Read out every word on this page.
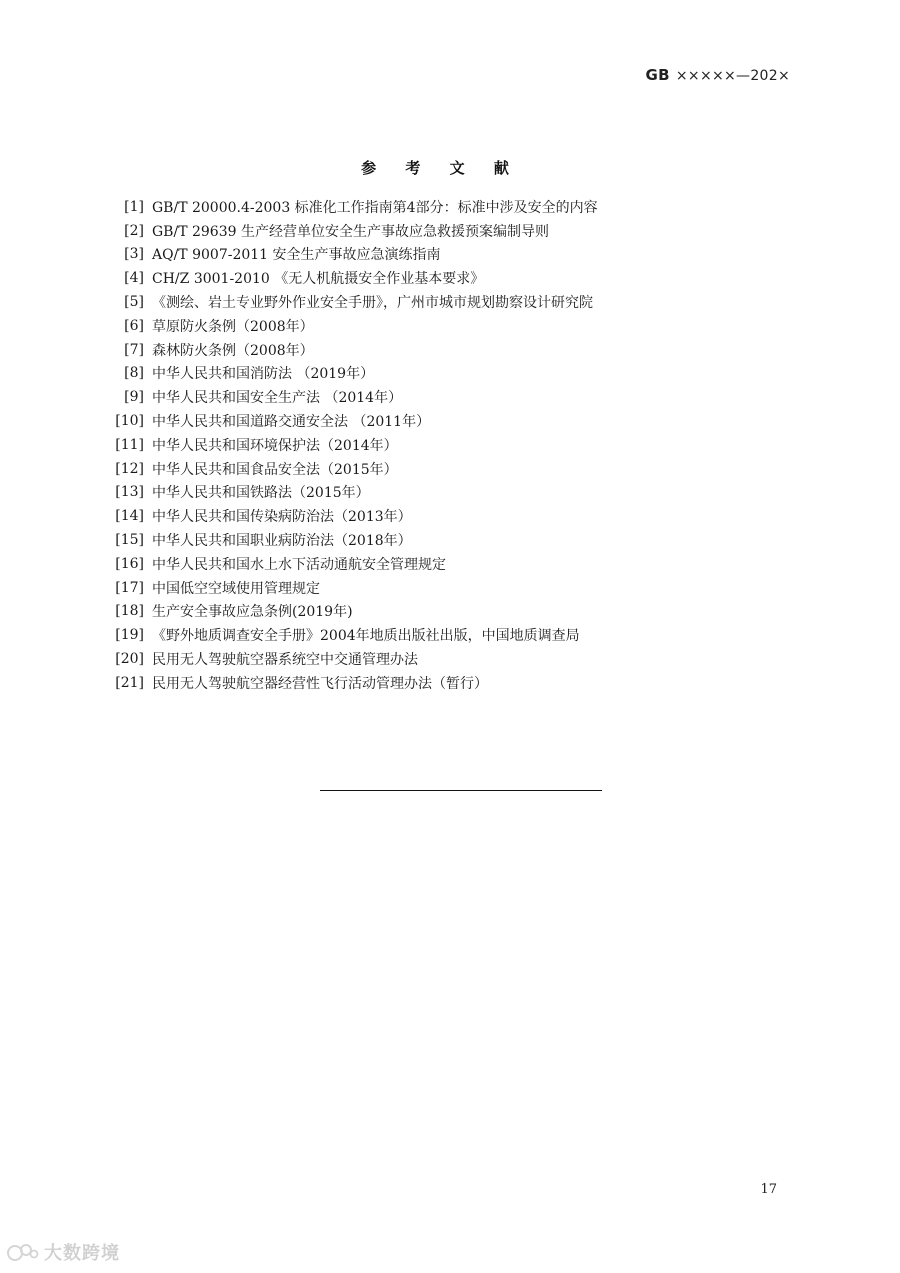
GB ×××××—202×
参 考 文 献
[1] GB/T 20000.4-2003 标准化工作指南第4部分：标准中涉及安全的内容
[2] GB/T 29639 生产经营单位安全生产事故应急救援预案编制导则
[3] AQ/T 9007-2011 安全生产事故应急演练指南
[4] CH/Z 3001-2010 《无人机航摄安全作业基本要求》
[5] 《测绘、岩土专业野外作业安全手册》，广州市城市规划勘察设计研究院
[6] 草原防火条例（2008年）
[7] 森林防火条例（2008年）
[8] 中华人民共和国消防法 （2019年）
[9] 中华人民共和国安全生产法 （2014年）
[10] 中华人民共和国道路交通安全法 （2011年）
[11] 中华人民共和国环境保护法（2014年）
[12] 中华人民共和国食品安全法（2015年）
[13] 中华人民共和国铁路法（2015年）
[14] 中华人民共和国传染病防治法（2013年）
[15] 中华人民共和国职业病防治法（2018年）
[16] 中华人民共和国水上水下活动通航安全管理规定
[17] 中国低空空域使用管理规定
[18] 生产安全事故应急条例(2019年)
[19] 《野外地质调查安全手册》2004年地质出版社出版，中国地质调查局
[20] 民用无人驾驶航空器系统空中交通管理办法
[21] 民用无人驾驶航空器经营性飞行活动管理办法（暂行）
17
大数跨境
